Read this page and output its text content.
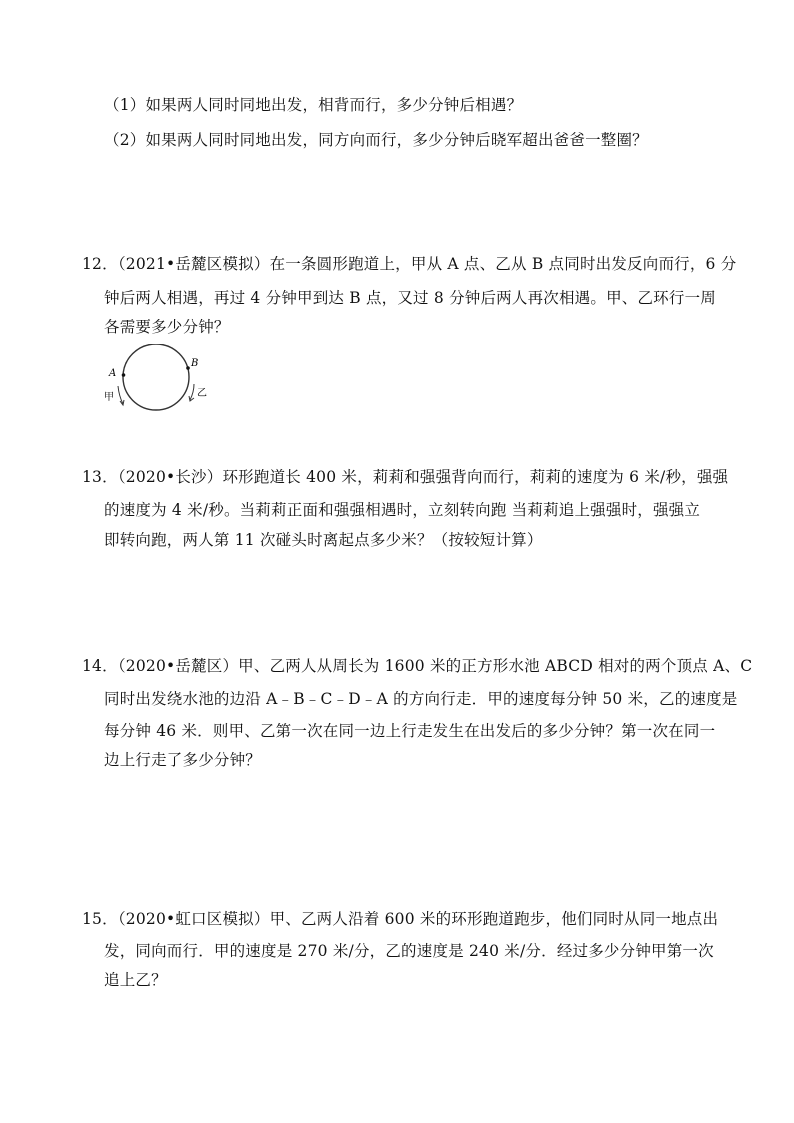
（1）如果两人同时同地出发，相背而行，多少分钟后相遇？
（2）如果两人同时同地出发，同方向而行，多少分钟后晓军超出爸爸一整圈？
12．（2021•岳麓区模拟）在一条圆形跑道上，甲从 A 点、乙从 B 点同时出发反向而行，6 分
钟后两人相遇，再过 4 分钟甲到达 B 点，又过 8 分钟后两人再次相遇。甲、乙环行一周
各需要多少分钟？
A
B
甲	乙
13．（2020•长沙）环形跑道长 400 米，莉莉和强强背向而行，莉莉的速度为 6 米/秒，强强
的速度为 4 米/秒。当莉莉正面和强强相遇时，立刻转向跑 当莉莉追上强强时，强强立
即转向跑，两人第 11 次碰头时离起点多少米？（按较短计算）
14．（2020•岳麓区）甲、乙两人从周长为 1600 米的正方形水池 ABCD 相对的两个顶点 A、C
同时出发绕水池的边沿 A﹣B﹣C﹣D﹣A 的方向行走．甲的速度每分钟 50 米，乙的速度是
每分钟 46 米．则甲、乙第一次在同一边上行走发生在出发后的多少分钟？第一次在同一
边上行走了多少分钟？
15．（2020•虹口区模拟）甲、乙两人沿着 600 米的环形跑道跑步，他们同时从同一地点出
发，同向而行．甲的速度是 270 米/分，乙的速度是 240 米/分．经过多少分钟甲第一次
追上乙？
